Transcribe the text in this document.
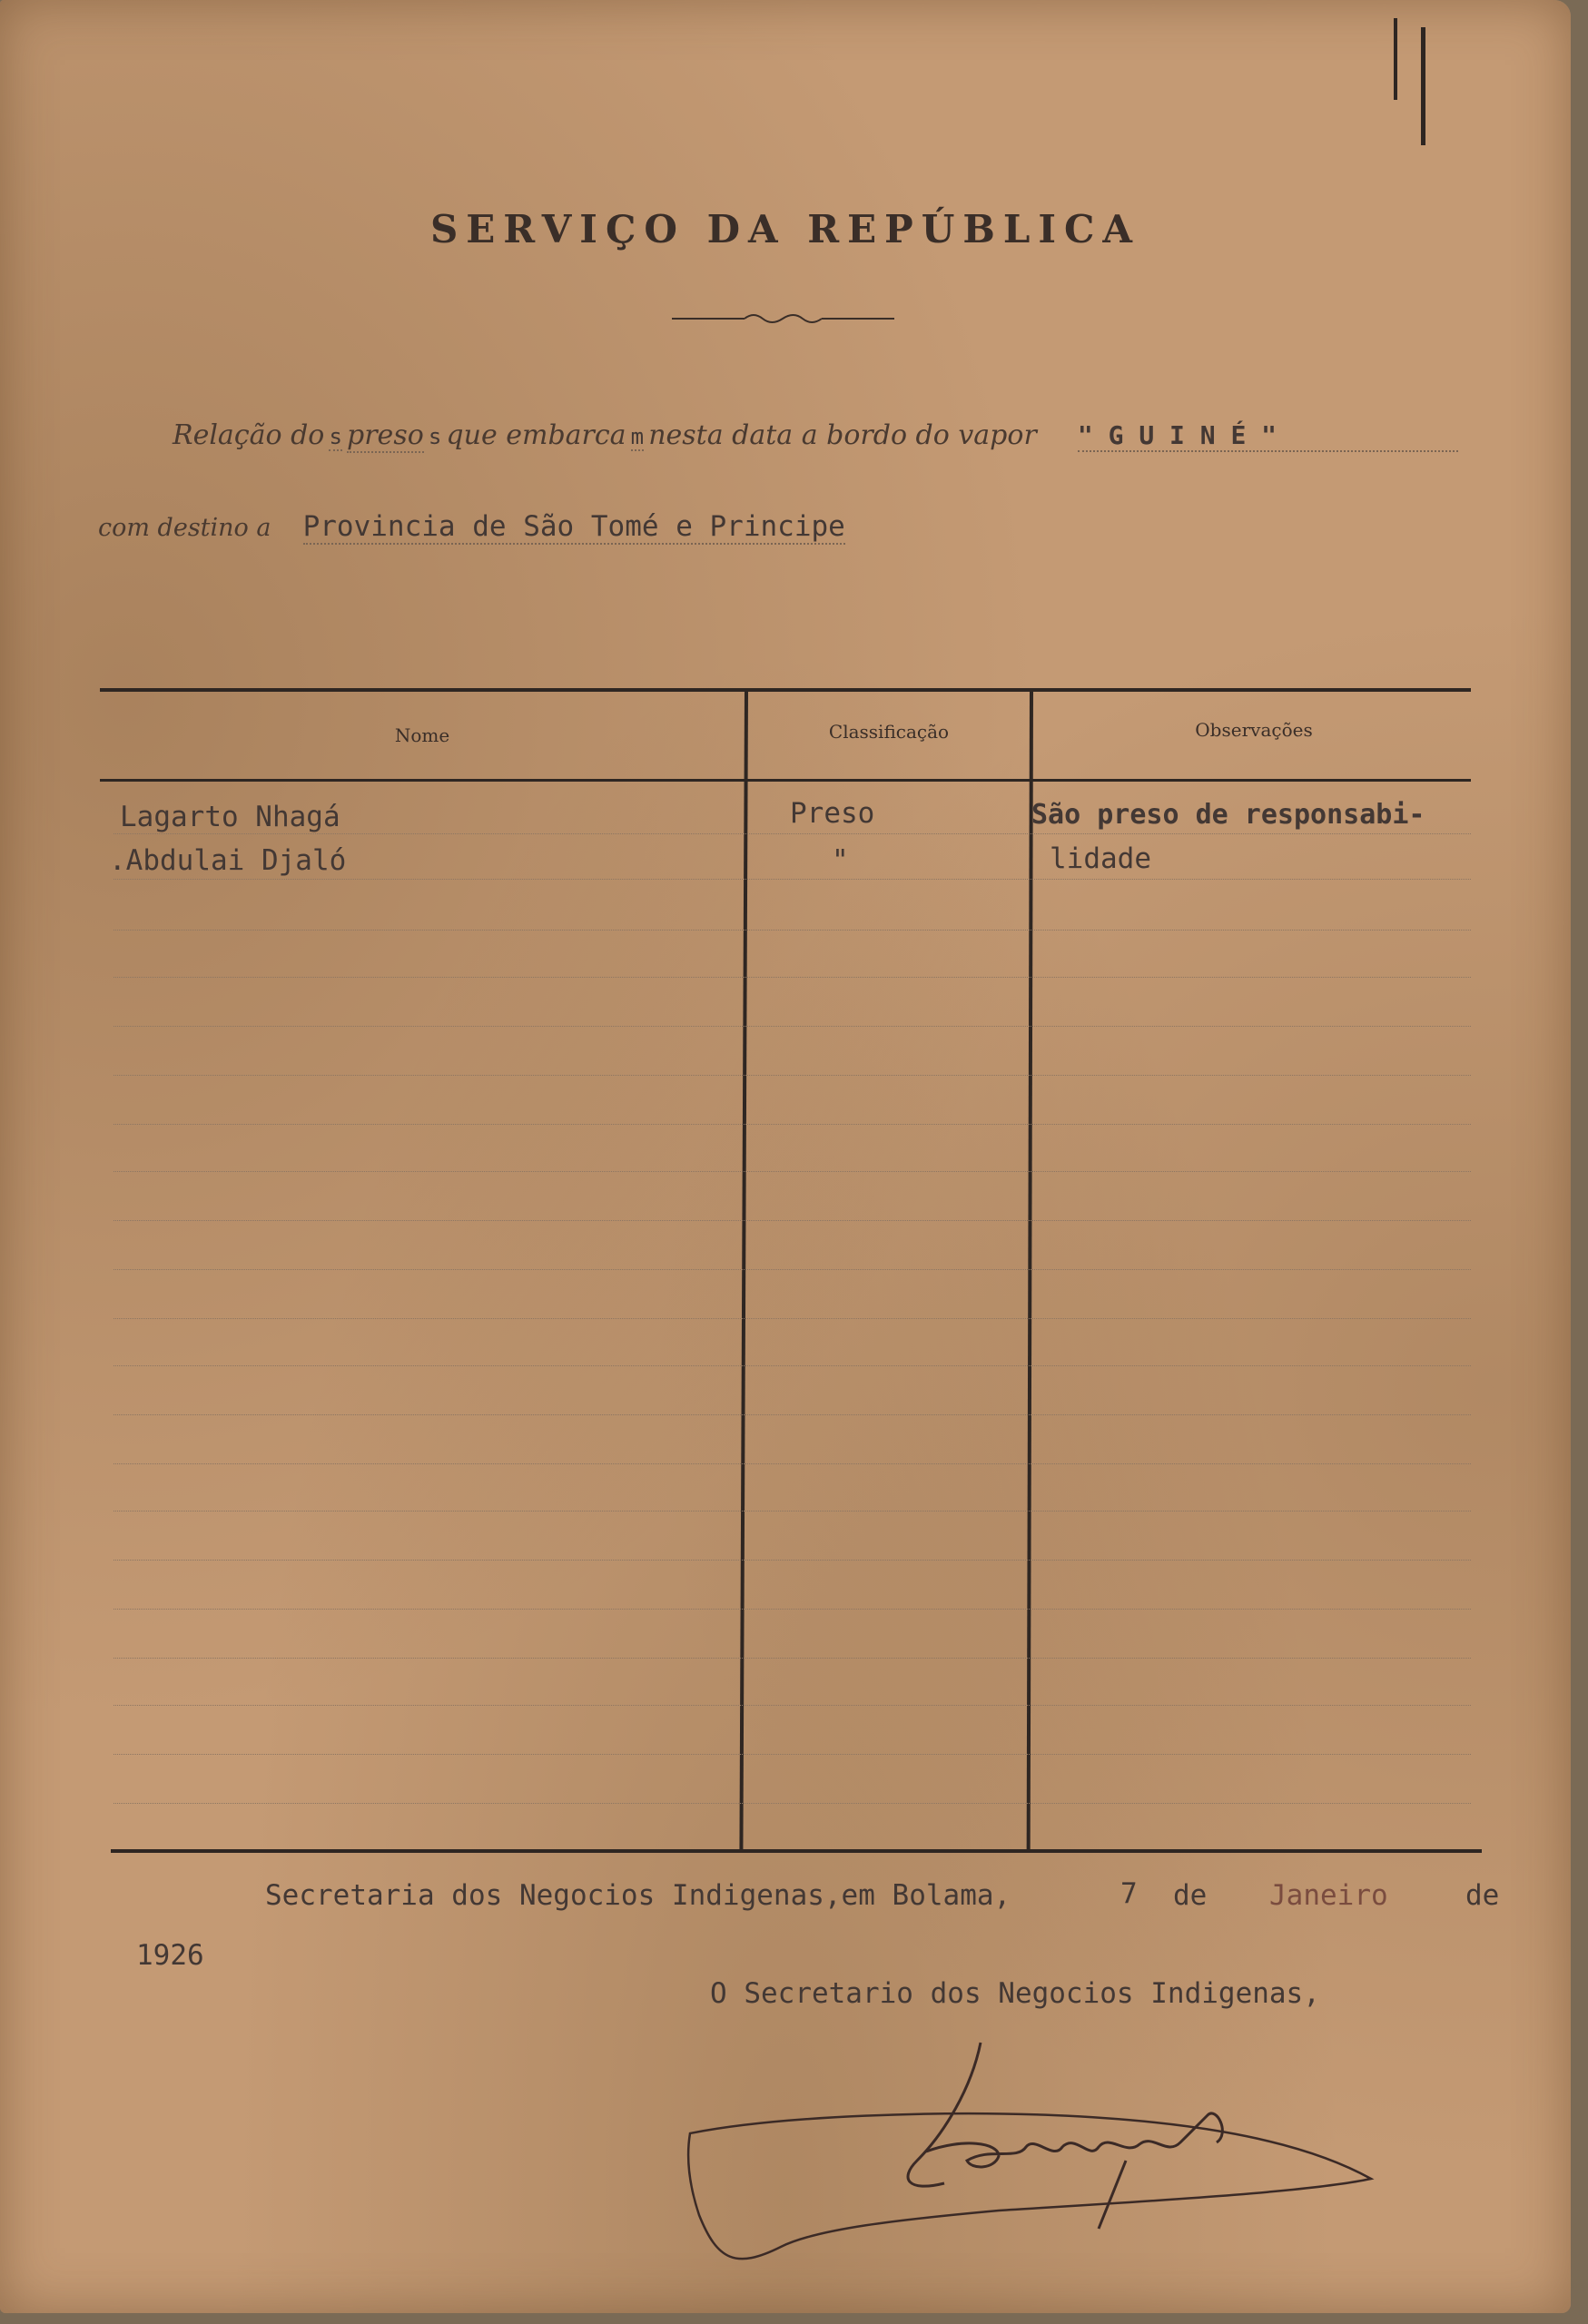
SERVIÇO DA REPÚBLICA
Relação do s preso s que embarca m nesta data a bordo do vapor " G U I N É "
com destino a Provincia de São Tomé e Principe
Nome	Classificação	Observações
Lagarto Nhagá	Preso	São preso de responsabi-
.Abdulai Djaló	"	lidade
Secretaria dos Negocios Indigenas,em Bolama,	7 de Janeiro	de
1926
O Secretario dos Negocios Indigenas,
